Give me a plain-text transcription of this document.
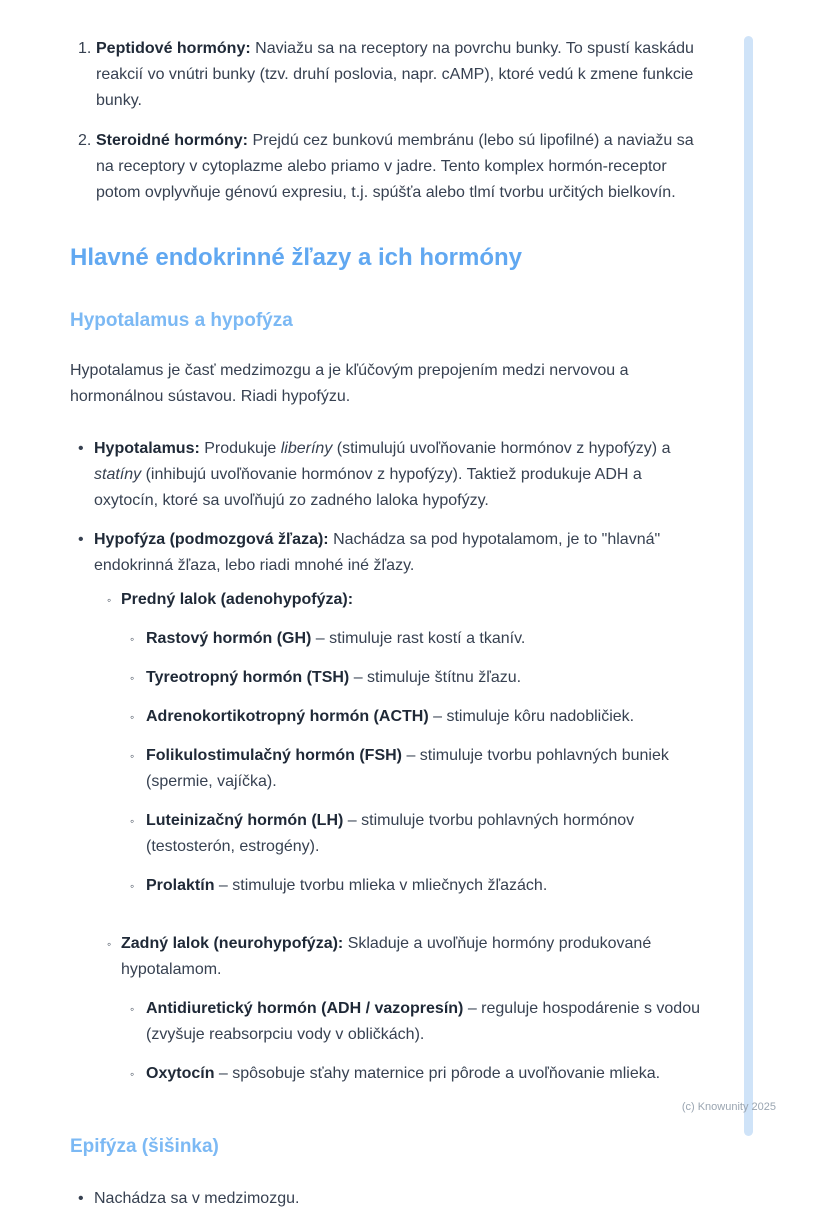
1. Peptidové hormóny: Naviažu sa na receptory na povrchu bunky. To spustí kaskádu reakcií vo vnútri bunky (tzv. druhí poslovia, napr. cAMP), ktoré vedú k zmene funkcie bunky.
2. Steroidné hormóny: Prejdú cez bunkovú membránu (lebo sú lipofilné) a naviažu sa na receptory v cytoplazme alebo priamo v jadre. Tento komplex hormón-receptor potom ovplyvňuje génovú expresiu, t.j. spúšťa alebo tlmí tvorbu určitých bielkovín.
Hlavné endokrinné žľazy a ich hormóny
Hypotalamus a hypofýza

Hypotalamus je časť medzimozgu a je kľúčovým prepojením medzi nervovou a hormonálnou sústavou. Riadi hypofýzu.

• Hypotalamus: Produkuje liberíny (stimulujú uvoľňovanie hormónov z hypofýzy) a statíny (inhibujú uvoľňovanie hormónov z hypofýzy). Taktiež produkuje ADH a oxytocín, ktoré sa uvoľňujú zo zadného laloka hypofýzy.
• Hypofýza (podmozgová žľaza): Nachádza sa pod hypotalamom, je to "hlavná" endokrinná žľaza, lebo riadi mnohé iné žľazy.
◦ Predný lalok (adenohypofýza):
◦ Rastový hormón (GH) – stimuluje rast kostí a tkanív.
◦ Tyreotropný hormón (TSH) – stimuluje štítnu žľazu.
◦ Adrenokortikotropný hormón (ACTH) – stimuluje kôru nadobličiek.
◦ Folikulostimulačný hormón (FSH) – stimuluje tvorbu pohlavných buniek (spermie, vajíčka).
◦ Luteinizačný hormón (LH) – stimuluje tvorbu pohlavných hormónov (testosterón, estrogény).
◦ Prolaktín – stimuluje tvorbu mlieka v mliečnych žľazách.
◦ Zadný lalok (neurohypofýza): Skladuje a uvoľňuje hormóny produkované hypotalamom.
◦ Antidiuretický hormón (ADH / vazopresín) – reguluje hospodárenie s vodou (zvyšuje reabsorpciu vody v obličkách).
◦ Oxytocín – spôsobuje sťahy maternice pri pôrode a uvoľňovanie mlieka.
Epifýza (šišinka)
• Nachádza sa v medzimozgu.
(c) Knowunity 2025
